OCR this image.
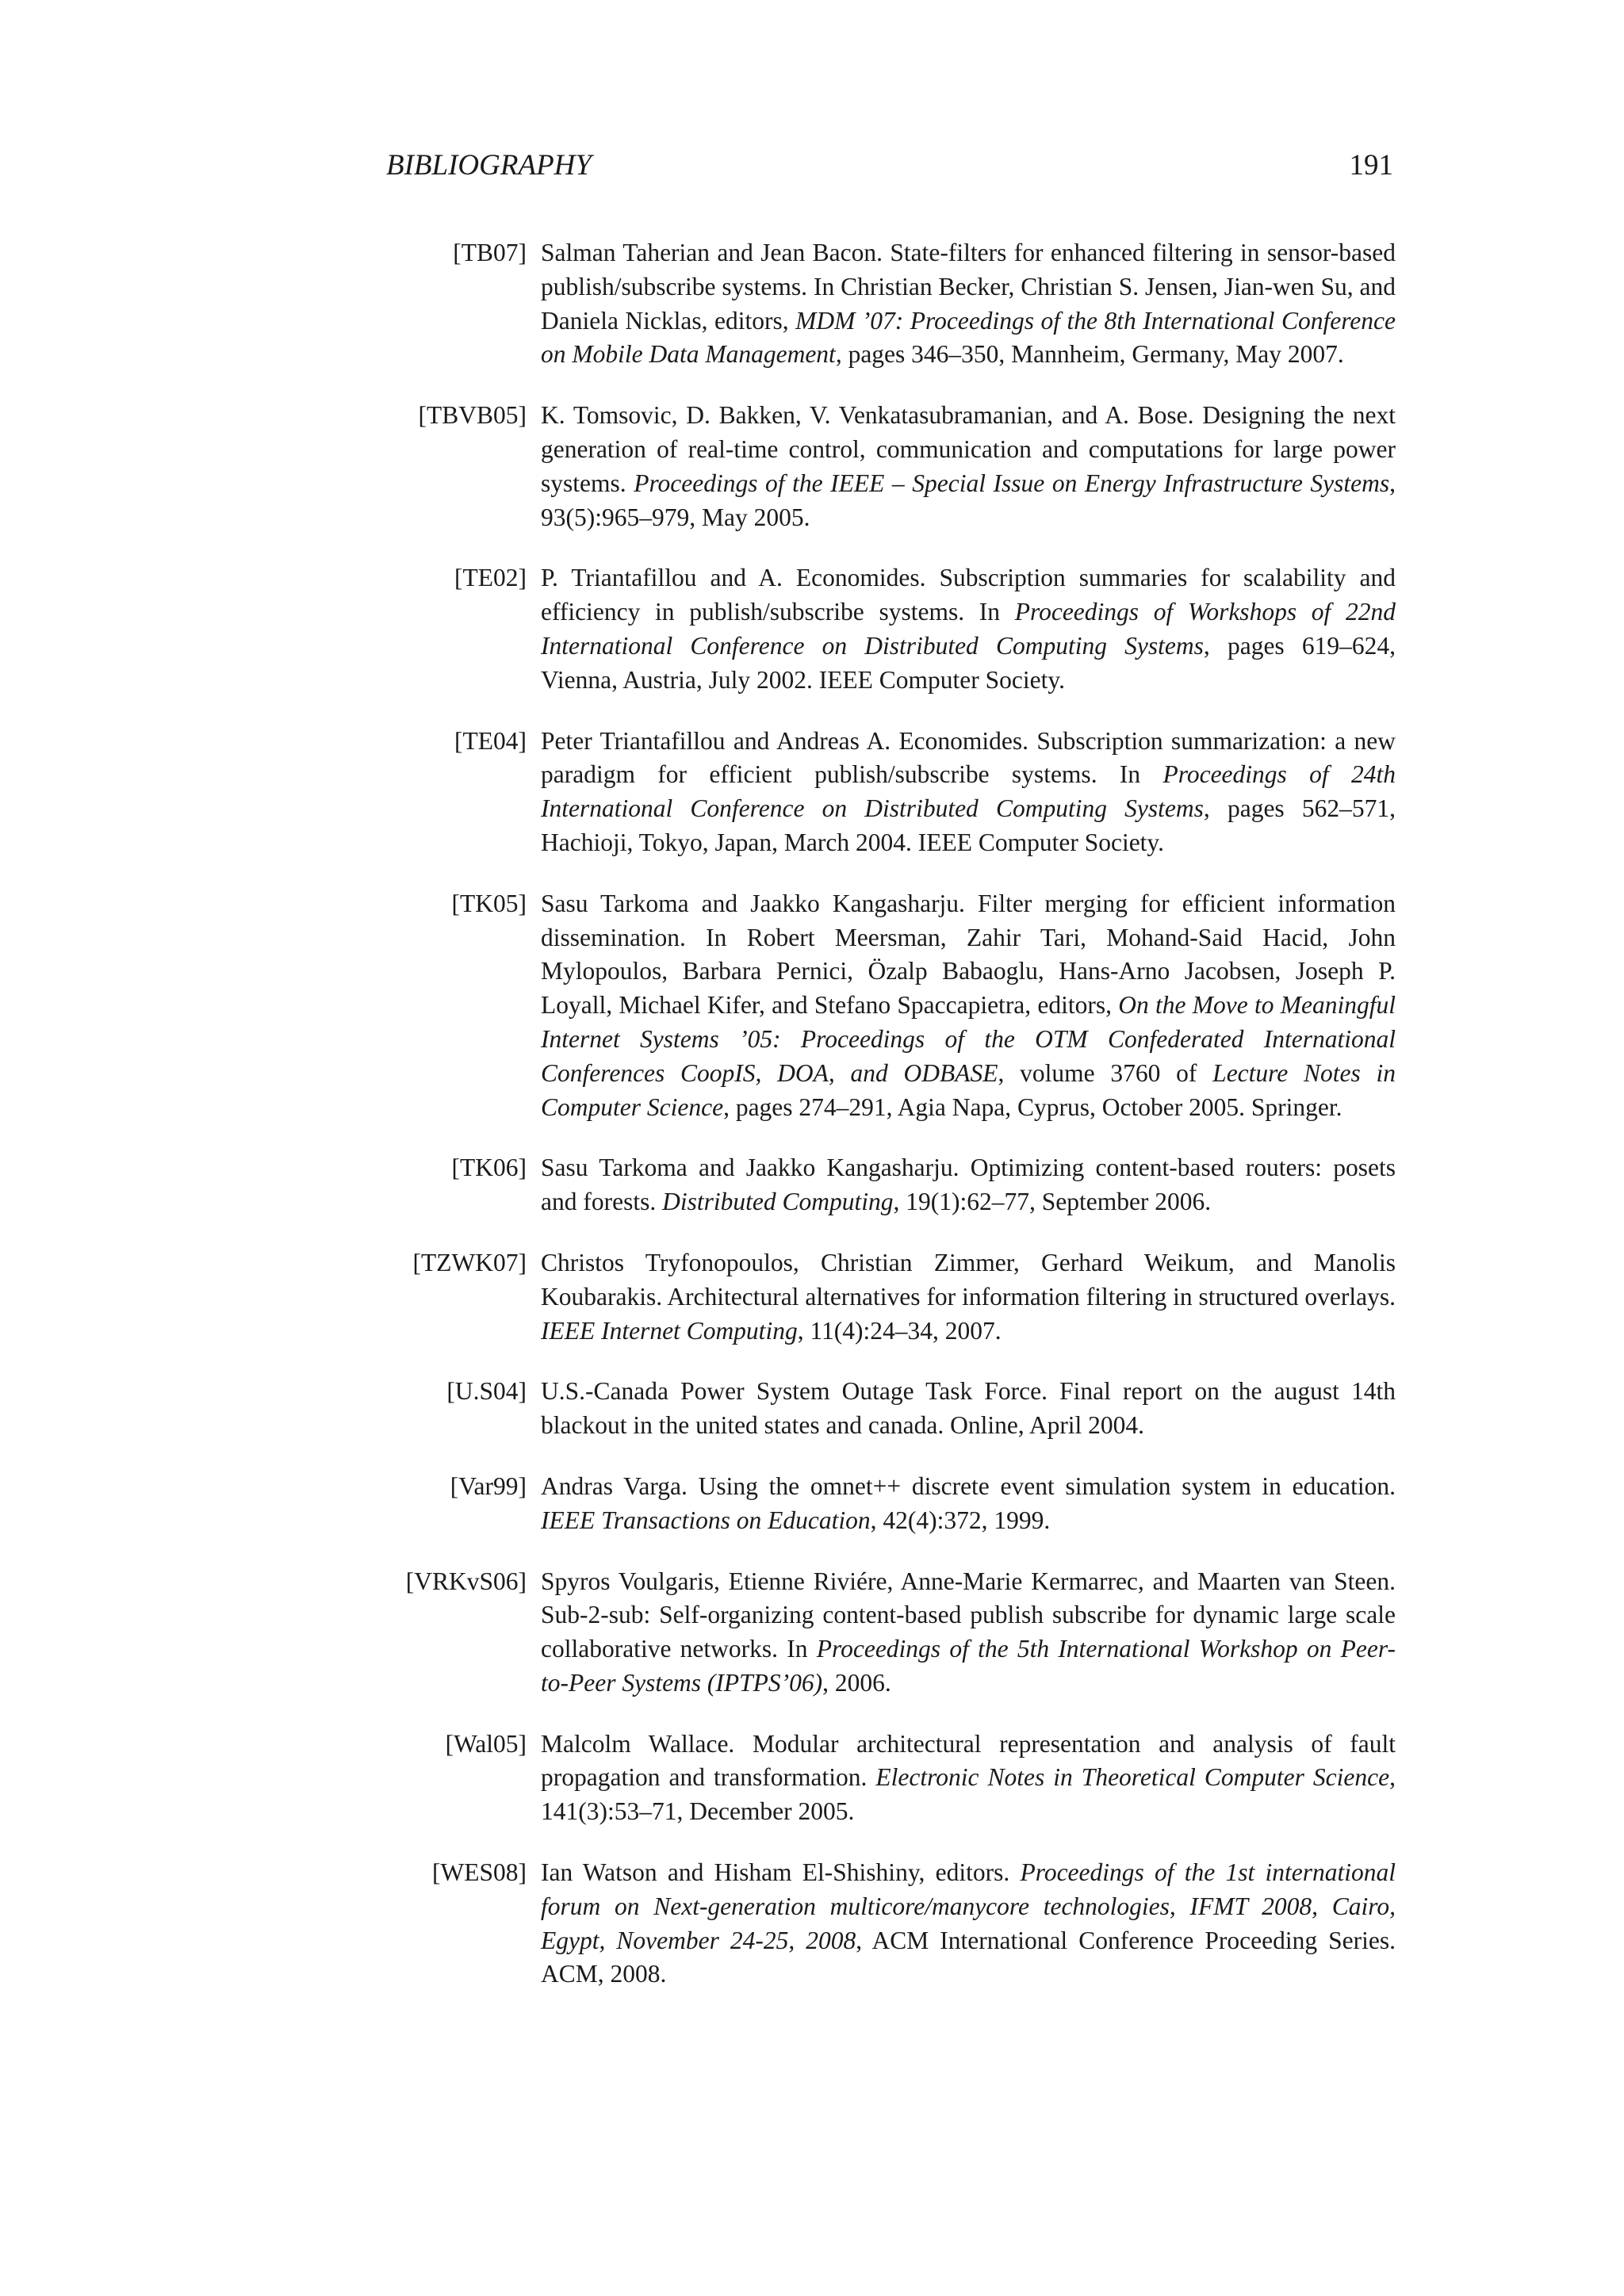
BIBLIOGRAPHY	191
[TB07] Salman Taherian and Jean Bacon. State-filters for enhanced filtering in sensor-based publish/subscribe systems. In Christian Becker, Christian S. Jensen, Jian-wen Su, and Daniela Nicklas, editors, MDM ’07: Proceedings of the 8th International Conference on Mobile Data Management, pages 346–350, Mannheim, Germany, May 2007.
[TBVB05] K. Tomsovic, D. Bakken, V. Venkatasubramanian, and A. Bose. Designing the next generation of real-time control, communication and computations for large power systems. Proceedings of the IEEE – Special Issue on Energy Infrastructure Systems, 93(5):965–979, May 2005.
[TE02] P. Triantafillou and A. Economides. Subscription summaries for scalability and efficiency in publish/subscribe systems. In Proceedings of Workshops of 22nd International Conference on Distributed Computing Systems, pages 619–624, Vienna, Austria, July 2002. IEEE Computer Society.
[TE04] Peter Triantafillou and Andreas A. Economides. Subscription summarization: a new paradigm for efficient publish/subscribe systems. In Proceedings of 24th International Conference on Distributed Computing Systems, pages 562–571, Hachioji, Tokyo, Japan, March 2004. IEEE Computer Society.
[TK05] Sasu Tarkoma and Jaakko Kangasharju. Filter merging for efficient information dissemination. In Robert Meersman, Zahir Tari, Mohand-Said Hacid, John Mylopoulos, Barbara Pernici, Özalp Babaoglu, Hans-Arno Jacobsen, Joseph P. Loyall, Michael Kifer, and Stefano Spaccapietra, editors, On the Move to Meaningful Internet Systems ’05: Proceedings of the OTM Confederated International Conferences CoopIS, DOA, and ODBASE, volume 3760 of Lecture Notes in Computer Science, pages 274–291, Agia Napa, Cyprus, October 2005. Springer.
[TK06] Sasu Tarkoma and Jaakko Kangasharju. Optimizing content-based routers: posets and forests. Distributed Computing, 19(1):62–77, September 2006.
[TZWK07] Christos Tryfonopoulos, Christian Zimmer, Gerhard Weikum, and Manolis Koubarakis. Architectural alternatives for information filtering in structured overlays. IEEE Internet Computing, 11(4):24–34, 2007.
[U.S04] U.S.-Canada Power System Outage Task Force. Final report on the august 14th blackout in the united states and canada. Online, April 2004.
[Var99] Andras Varga. Using the omnet++ discrete event simulation system in education. IEEE Transactions on Education, 42(4):372, 1999.
[VRKvS06] Spyros Voulgaris, Etienne Riviére, Anne-Marie Kermarrec, and Maarten van Steen. Sub-2-sub: Self-organizing content-based publish subscribe for dynamic large scale collaborative networks. In Proceedings of the 5th International Workshop on Peer-to-Peer Systems (IPTPS’06), 2006.
[Wal05] Malcolm Wallace. Modular architectural representation and analysis of fault propagation and transformation. Electronic Notes in Theoretical Computer Science, 141(3):53–71, December 2005.
[WES08] Ian Watson and Hisham El-Shishiny, editors. Proceedings of the 1st international forum on Next-generation multicore/manycore technologies, IFMT 2008, Cairo, Egypt, November 24-25, 2008, ACM International Conference Proceeding Series. ACM, 2008.
